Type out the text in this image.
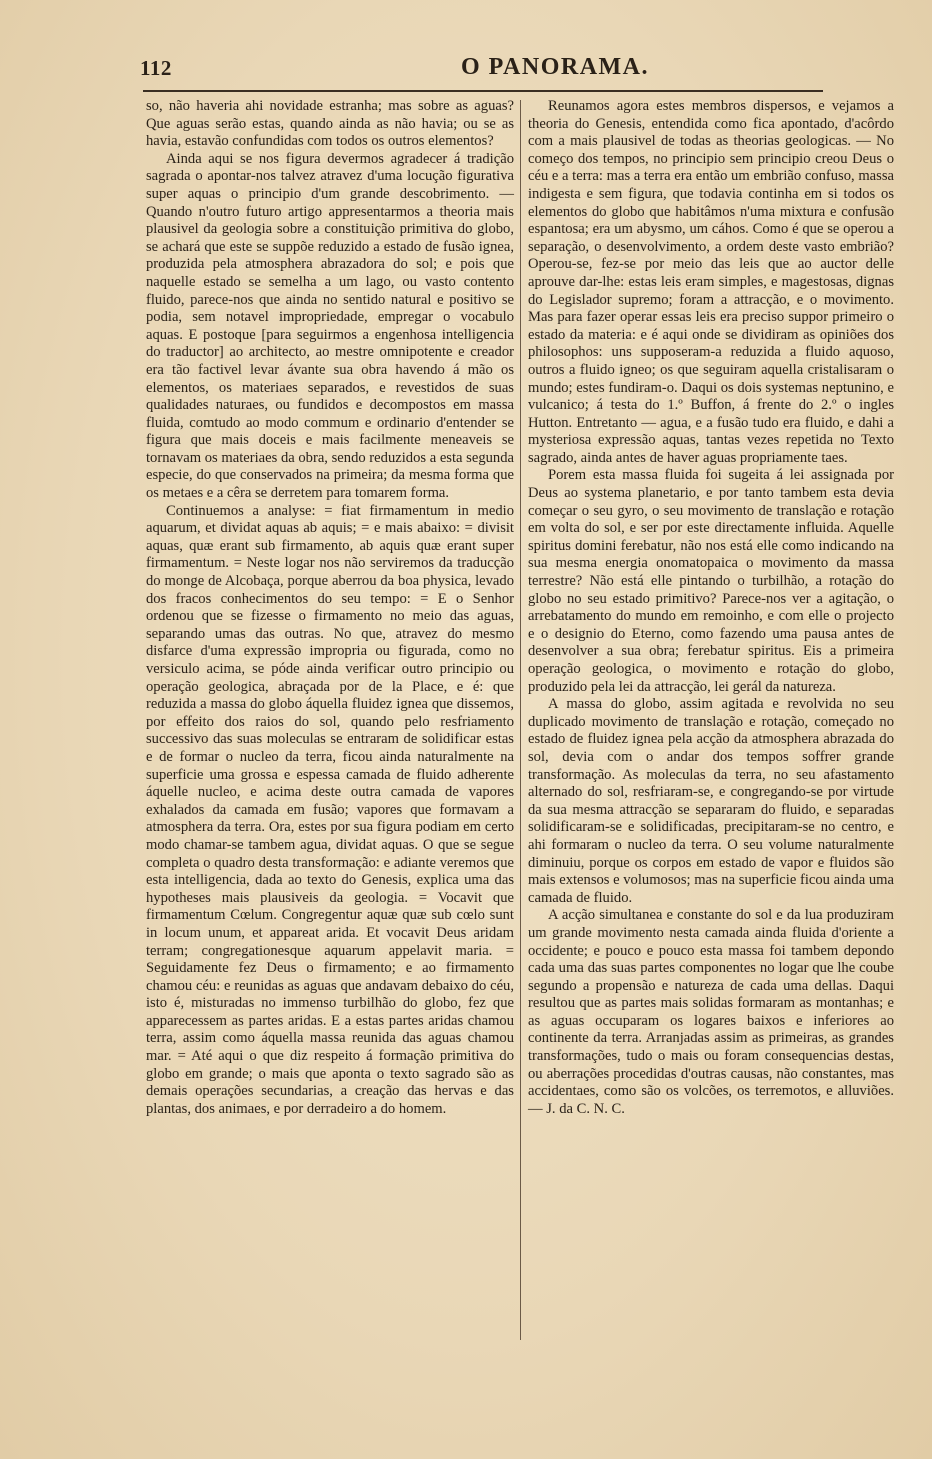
112	O PANORAMA.

so, não haveria ahi novidade estranha; mas sobre as aguas? Que aguas serão estas, quando ainda as não havia; ou se as havia, estavão confundidas com todos os outros elementos?

Ainda aqui se nos figura devermos agradecer á tradição sagrada o apontar-nos talvez atravez d'uma locução figurativa super aquas o principio d'um grande descobrimento. — Quando n'outro futuro artigo appresentarmos a theoria mais plausivel da geologia sobre a constituição primitiva do globo, se achará que este se suppõe reduzido a estado de fusão ignea, produzida pela atmosphera abrazadora do sol; e pois que naquelle estado se semelha a um lago, ou vasto contento fluido, parece-nos que ainda no sentido natural e positivo se podia, sem notavel impropriedade, empregar o vocabulo aquas. E postoque [para seguirmos a engenhosa intelligencia do traductor] ao architecto, ao mestre omnipotente e creador era tão factivel levar ávante sua obra havendo á mão os elementos, os materiaes separados, e revestidos de suas qualidades naturaes, ou fundidos e decompostos em massa fluida, comtudo ao modo commum e ordinario d'entender se figura que mais doceis e mais facilmente meneaveis se tornavam os materiaes da obra, sendo reduzidos a esta segunda especie, do que conservados na primeira; da mesma forma que os metaes e a cêra se derretem para tomarem forma.

Continuemos a analyse: = fiat firmamentum in medio aquarum, et dividat aquas ab aquis; = e mais abaixo: = divisit aquas, quæ erant sub firmamento, ab aquis quæ erant super firmamentum. = Neste logar nos não serviremos da traducção do monge de Alcobaça, porque aberrou da boa physica, levado dos fracos conhecimentos do seu tempo: = E o Senhor ordenou que se fizesse o firmamento no meio das aguas, separando umas das outras. No que, atravez do mesmo disfarce d'uma expressão impropria ou figurada, como no versiculo acima, se póde ainda verificar outro principio ou operação geologica, abraçada por de la Place, e é: que reduzida a massa do globo áquella fluidez ignea que dissemos, por effeito dos raios do sol, quando pelo resfriamento successivo das suas moleculas se entraram de solidificar estas e de formar o nucleo da terra, ficou ainda naturalmente na superficie uma grossa e espessa camada de fluido adherente áquelle nucleo, e acima deste outra camada de vapores exhalados da camada em fusão; vapores que formavam a atmosphera da terra. Ora, estes por sua figura podiam em certo modo chamar-se tambem agua, dividat aquas. O que se segue completa o quadro desta transformação: e adiante veremos que esta intelligencia, dada ao texto do Genesis, explica uma das hypotheses mais plausiveis da geologia. = Vocavit que firmamentum Cœlum. Congregentur aquæ quæ sub cœlo sunt in locum unum, et appareat arida. Et vocavit Deus aridam terram; congregationesque aquarum appelavit maria. = Seguidamente fez Deus o firmamento; e ao firmamento chamou céu: e reunidas as aguas que andavam debaixo do céu, isto é, misturadas no immenso turbilhão do globo, fez que apparecessem as partes aridas. E a estas partes aridas chamou terra, assim como áquella massa reunida das aguas chamou mar. = Até aqui o que diz respeito á formação primitiva do globo em grande; o mais que aponta o texto sagrado são as demais operações secundarias, a creação das hervas e das plantas, dos animaes, e por derradeiro a do homem.

Reunamos agora estes membros dispersos, e vejamos a theoria do Genesis, entendida como fica apontado, d'acôrdo com a mais plausivel de todas as theorias geologicas. — No começo dos tempos, no principio sem principio creou Deus o céu e a terra: mas a terra era então um embrião confuso, massa indigesta e sem figura, que todavia continha em si todos os elementos do globo que habitâmos n'uma mixtura e confusão espantosa; era um abysmo, um cáhos. Como é que se operou a separação, o desenvolvimento, a ordem deste vasto embrião? Operou-se, fez-se por meio das leis que ao auctor delle aprouve dar-lhe: estas leis eram simples, e magestosas, dignas do Legislador supremo; foram a attracção, e o movimento. Mas para fazer operar essas leis era preciso suppor primeiro o estado da materia: e é aqui onde se dividiram as opiniões dos philosophos: uns supposeram-a reduzida a fluido aquoso, outros a fluido igneo; os que seguiram aquella cristalisaram o mundo; estes fundiram-o. Daqui os dois systemas neptunino, e vulcanico; á testa do 1.º Buffon, á frente do 2.º o ingles Hutton. Entretanto — agua, e a fusão tudo era fluido, e dahi a mysteriosa expressão aquas, tantas vezes repetida no Texto sagrado, ainda antes de haver aguas propriamente taes.

Porem esta massa fluida foi sugeita á lei assignada por Deus ao systema planetario, e por tanto tambem esta devia começar o seu gyro, o seu movimento de translação e rotação em volta do sol, e ser por este directamente influida. Aquelle spiritus domini ferebatur, não nos está elle como indicando na sua mesma energia onomatopaica o movimento da massa terrestre? Não está elle pintando o turbilhão, a rotação do globo no seu estado primitivo? Parece-nos ver a agitação, o arrebatamento do mundo em remoinho, e com elle o projecto e o designio do Eterno, como fazendo uma pausa antes de desenvolver a sua obra; ferebatur spiritus. Eis a primeira operação geologica, o movimento e rotação do globo, produzido pela lei da attracção, lei gerál da natureza.

A massa do globo, assim agitada e revolvida no seu duplicado movimento de translação e rotação, começado no estado de fluidez ignea pela acção da atmosphera abrazada do sol, devia com o andar dos tempos soffrer grande transformação. As moleculas da terra, no seu afastamento alternado do sol, resfriaram-se, e congregando-se por virtude da sua mesma attracção se separaram do fluido, e separadas solidificaram-se e solidificadas, precipitaram-se no centro, e ahi formaram o nucleo da terra. O seu volume naturalmente diminuiu, porque os corpos em estado de vapor e fluidos são mais extensos e volumosos; mas na superficie ficou ainda uma camada de fluido.

A acção simultanea e constante do sol e da lua produziram um grande movimento nesta camada ainda fluida d'oriente a occidente; e pouco e pouco esta massa foi tambem depondo cada uma das suas partes componentes no logar que lhe coube segundo a propensão e natureza de cada uma dellas. Daqui resultou que as partes mais solidas formaram as montanhas; e as aguas occuparam os logares baixos e inferiores ao continente da terra. Arranjadas assim as primeiras, as grandes transformações, tudo o mais ou foram consequencias destas, ou aberrações procedidas d'outras causas, não constantes, mas accidentaes, como são os volcões, os terremotos, e alluviões. — J. da C. N. C.
